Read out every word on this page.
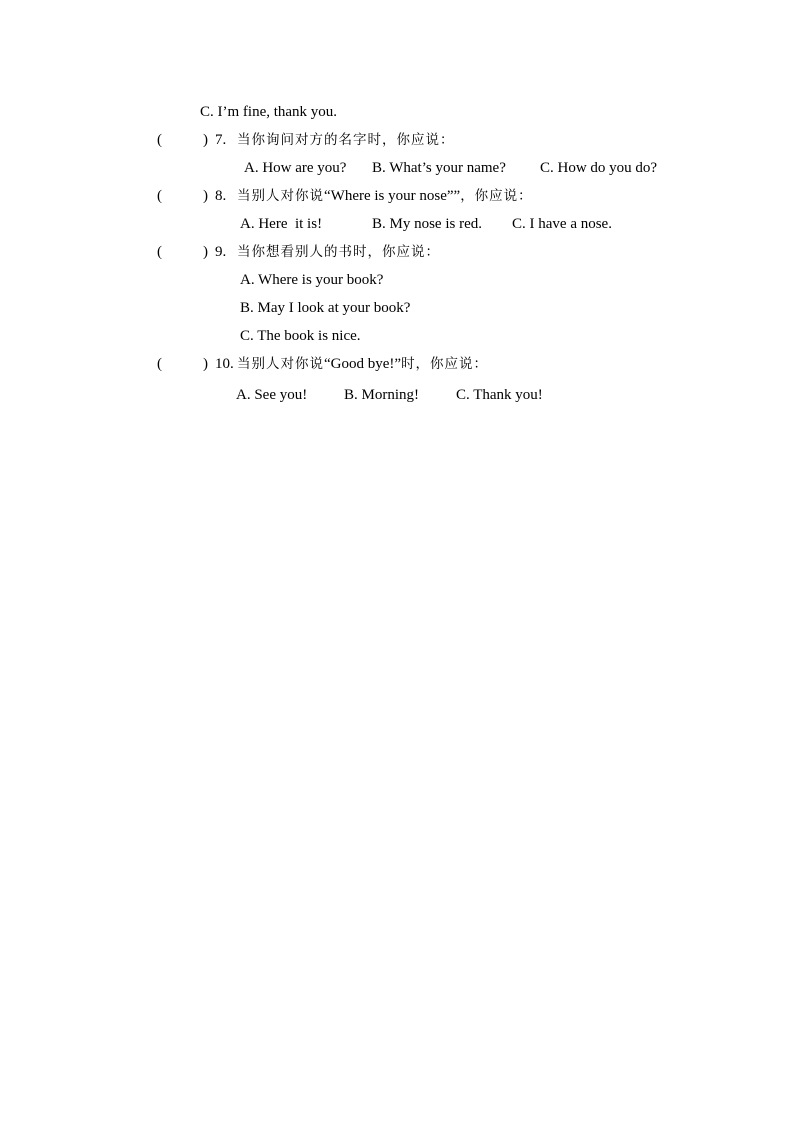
C. I’m fine, thank you.
(	) 7. 当你询问对方的名字时，你应说：
A. How are you? B. What’s your name? C. How do you do?
(	) 8. 当别人对你说“Where is your nose””，你应说：
A. Here  it is!	B. My nose is red. C. I have a nose.
(	) 9. 当你想看别人的书时，你应说：
A. Where is your book?
B. May I look at your book?
C. The book is nice.
(	) 10. 当别人对你说“Good bye!”时，你应说：
A. See you! B. Morning! C. Thank you!
